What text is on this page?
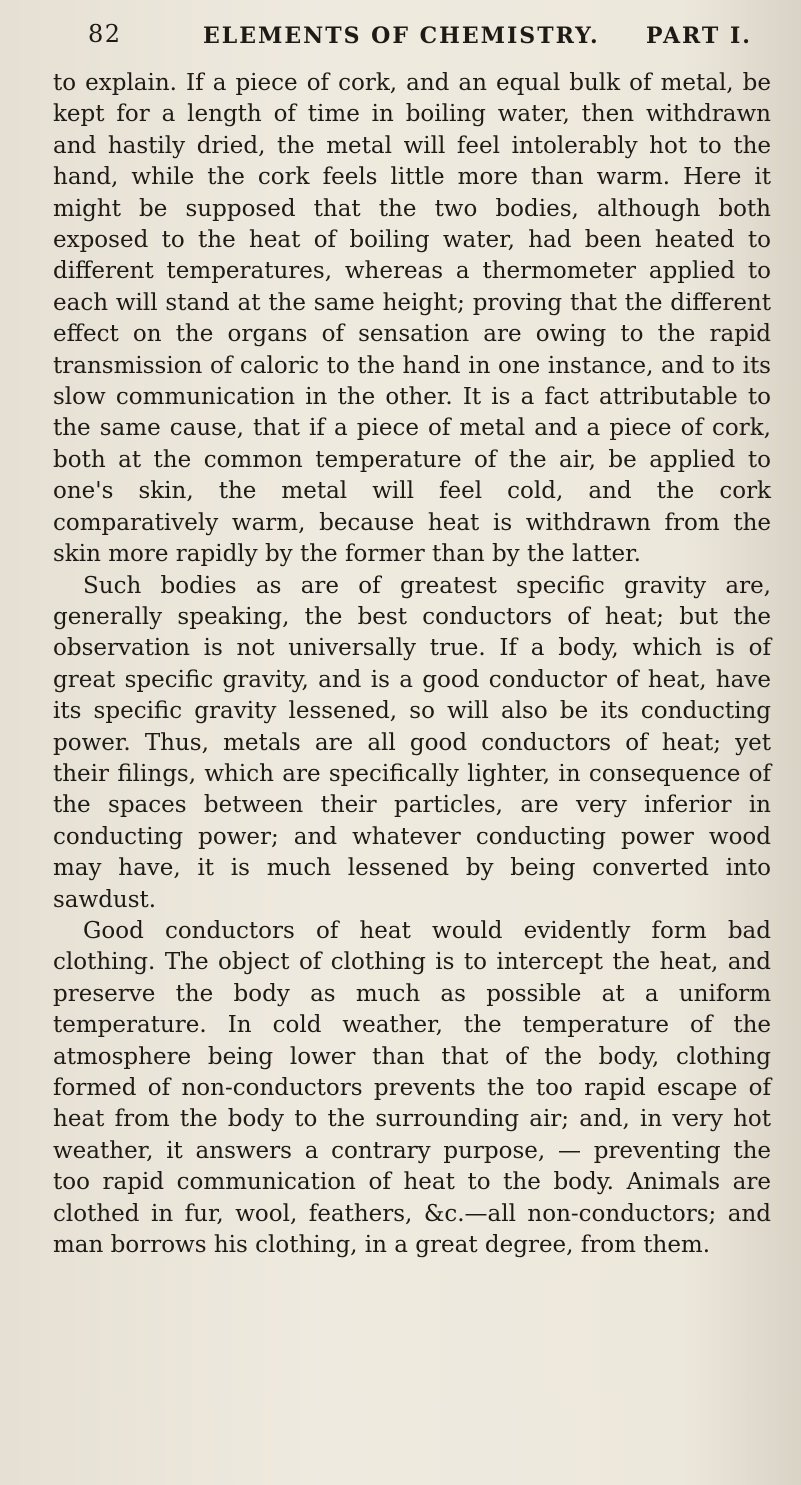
82	ELEMENTS OF CHEMISTRY. PART I.

to explain. If a piece of cork, and an equal bulk of metal, be kept for a length of time in boiling water, then withdrawn and hastily dried, the metal will feel intolerably hot to the hand, while the cork feels little more than warm. Here it might be supposed that the two bodies, although both exposed to the heat of boiling water, had been heated to different temperatures, whereas a thermometer applied to each will stand at the same height; proving that the different effect on the organs of sensation are owing to the rapid transmission of caloric to the hand in one instance, and to its slow communication in the other. It is a fact attributable to the same cause, that if a piece of metal and a piece of cork, both at the common temperature of the air, be applied to one's skin, the metal will feel cold, and the cork comparatively warm, because heat is withdrawn from the skin more rapidly by the former than by the latter.

Such bodies as are of greatest specific gravity are, generally speaking, the best conductors of heat; but the observation is not universally true. If a body, which is of great specific gravity, and is a good conductor of heat, have its specific gravity lessened, so will also be its conducting power. Thus, metals are all good conductors of heat; yet their filings, which are specifically lighter, in consequence of the spaces between their particles, are very inferior in conducting power; and whatever conducting power wood may have, it is much lessened by being converted into sawdust.

Good conductors of heat would evidently form bad clothing. The object of clothing is to intercept the heat, and preserve the body as much as possible at a uniform temperature. In cold weather, the temperature of the atmosphere being lower than that of the body, clothing formed of non-conductors prevents the too rapid escape of heat from the body to the surrounding air; and, in very hot weather, it answers a contrary purpose, — preventing the too rapid communication of heat to the body. Animals are clothed in fur, wool, feathers, &c.—all non-conductors; and man borrows his clothing, in a great degree, from them.
